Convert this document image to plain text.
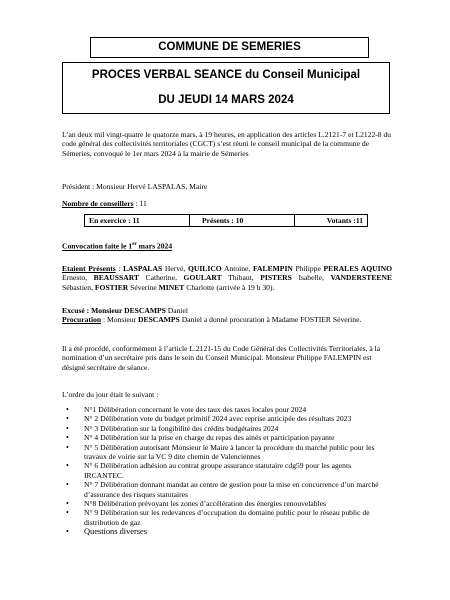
COMMUNE DE SEMERIES
PROCES VERBAL SEANCE du Conseil Municipal
DU JEUDI 14 MARS 2024
L’an deux mil vingt-quatre le quatorze mars, à 19 heures, en application des articles L.2121-7 et L2122-8 du code général des collectivités territoriales (CGCT) s’est réuni le conseil municipal de la commune de Sémeries, convoqué le 1er mars 2024 à la mairie de Sémeries
Président : Monsieur Hervé LASPALAS, Maire
Nombre de conseillers : 11
En exercice : 11	Présents : 10	Votants :11
Convocation faite le 1er mars 2024
Etaient Présents : LASPALAS Hervé, QUILICO Antoine, FALEMPIN Philippe PERALES AQUINO Ernesto, BEAUSSART Catherine, GOULART Thibaut, PISTERS Isabelle, VANDERSTEENE Sébastien, FOSTIER Séverine MINET Charlotte (arrivée à 19 h 30).
Excusé : Monsieur DESCAMPS Daniel
Procuration : Monsieur DESCAMPS Daniel a donné procuration à Madame FOSTIER Séverine.
Il a été procédé, conformément à l’article L.2121-15 du Code Général des Collectivités Territoriales, à la nomination d’un secrétaire pris dans le sein du Conseil Municipal. Monsieur Philippe FALEMPIN est désigné secrétaire de séance.
L’ordre du jour était le suivant :
• N°1 Délibération concernant le vote des taux des taxes locales pour 2024
• N° 2 Délibération vote du budget primitif 2024 avec reprise anticipée des résultats 2023
• N° 3 Délibération sur la fongibilité des crédits budgétaires 2024
• N° 4 Délibération sur la prise en charge du repas des ainés et participation payante
• N° 5 Délibération autorisant Monsieur le Maire à lancer la procédure du marché public pour les travaux de voirie sur la VC 9 dite chemin de Valenciennes
• N° 6 Délibération adhésion au contrat groupe assurance statutaire cdg59 pour les agents IRCANTEC.
• N° 7 Délibération donnant mandat au centre de gestion pour la mise en concurrence d’un marché d’assurance des risques statutaires
• N°8 Délibération prévoyant les zones d’accélération des énergies renouvelables
• N° 9 Délibération sur les redevances d’occupation du domaine public pour le réseau public de distribution de gaz
• Questions diverses
